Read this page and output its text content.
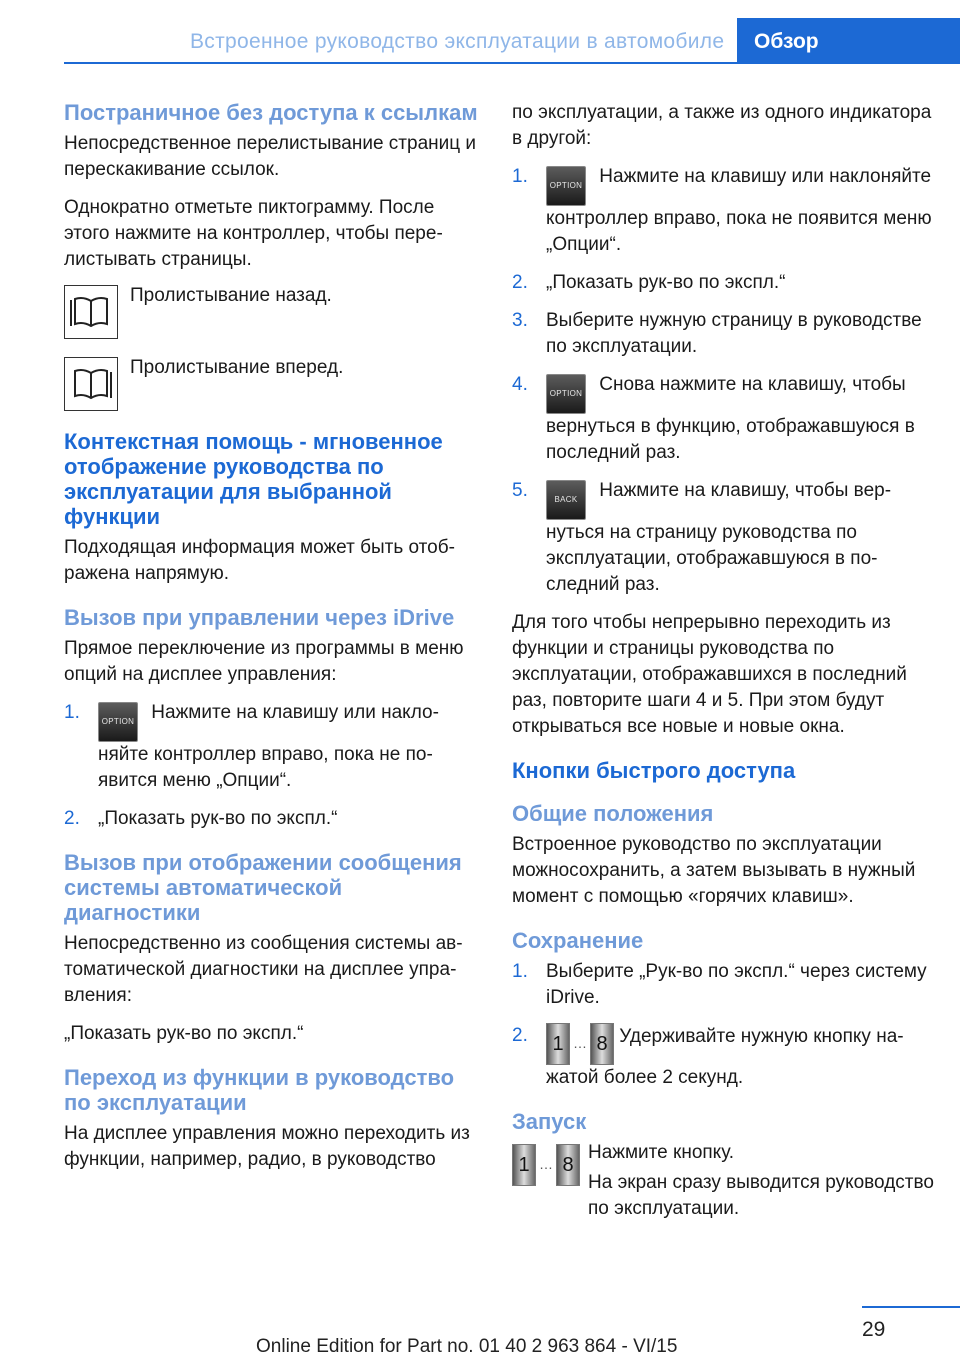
Встроенное руководство эксплуатации в автомобиле	Обзор
Постраничное без доступа к ссылкам

Непосредственное перелистывание страниц и перескакивание ссылок.

Однократно отметьте пиктограмму. После этого нажмите на контроллер, чтобы перелистывать страницы.

Пролистывание назад.
Пролистывание вперед.
Контекстная помощь - мгновенное отображение руководства по эксплуатации для выбранной функции

Подходящая информация может быть отображена напрямую.

Вызов при управлении через iDrive

Прямое переключение из программы в меню опций на дисплее управления:

1.	OPTION Нажмите на клавишу или наклоняйте контроллер вправо, пока не появится меню „Опции“.
2. „Показать рук-во по экспл.“
Вызов при отображении сообщения системы автоматической диагностики

Непосредственно из сообщения системы автоматической диагностики на дисплее управления:

„Показать рук-во по экспл.“

Переход из функции в руководство по эксплуатации

На дисплее управления можно переходить из функции, например, радио, в руководство

по эксплуатации, а также из одного индикатора в другой:

1.	OPTION Нажмите на клавишу или наклоняйте контроллер вправо, пока не появится меню „Опции“.
2. „Показать рук-во по экспл.“
3. Выберите нужную страницу в руководстве по эксплуатации.
4.	OPTION Снова нажмите на клавишу, чтобы вернуться в функцию, отображавшуюся в последний раз.
5.	BACK Нажмите на клавишу, чтобы вернуться на страницу руководства по эксплуатации, отображавшуюся в последний раз.

Для того чтобы непрерывно переходить из функции и страницы руководства по эксплуатации, отображавшихся в последний раз, повторите шаги 4 и 5. При этом будут открываться все новые и новые окна.

Кнопки быстрого доступа
Общие положения

Встроенное руководство по эксплуатации можносохранить, а затем вызывать в нужный момент с помощью «горячих клавиш».

Сохранение
1. Выберите „Рук-во по экспл.“ через систему iDrive.
2. 1 … 8 Удерживайте нужную кнопку нажатой более 2 секунд.
Запуск
1 … 8

Нажмите кнопку.

На экран сразу выводится руководство по эксплуатации.

29
Online Edition for Part no. 01 40 2 963 864 - VI/15
